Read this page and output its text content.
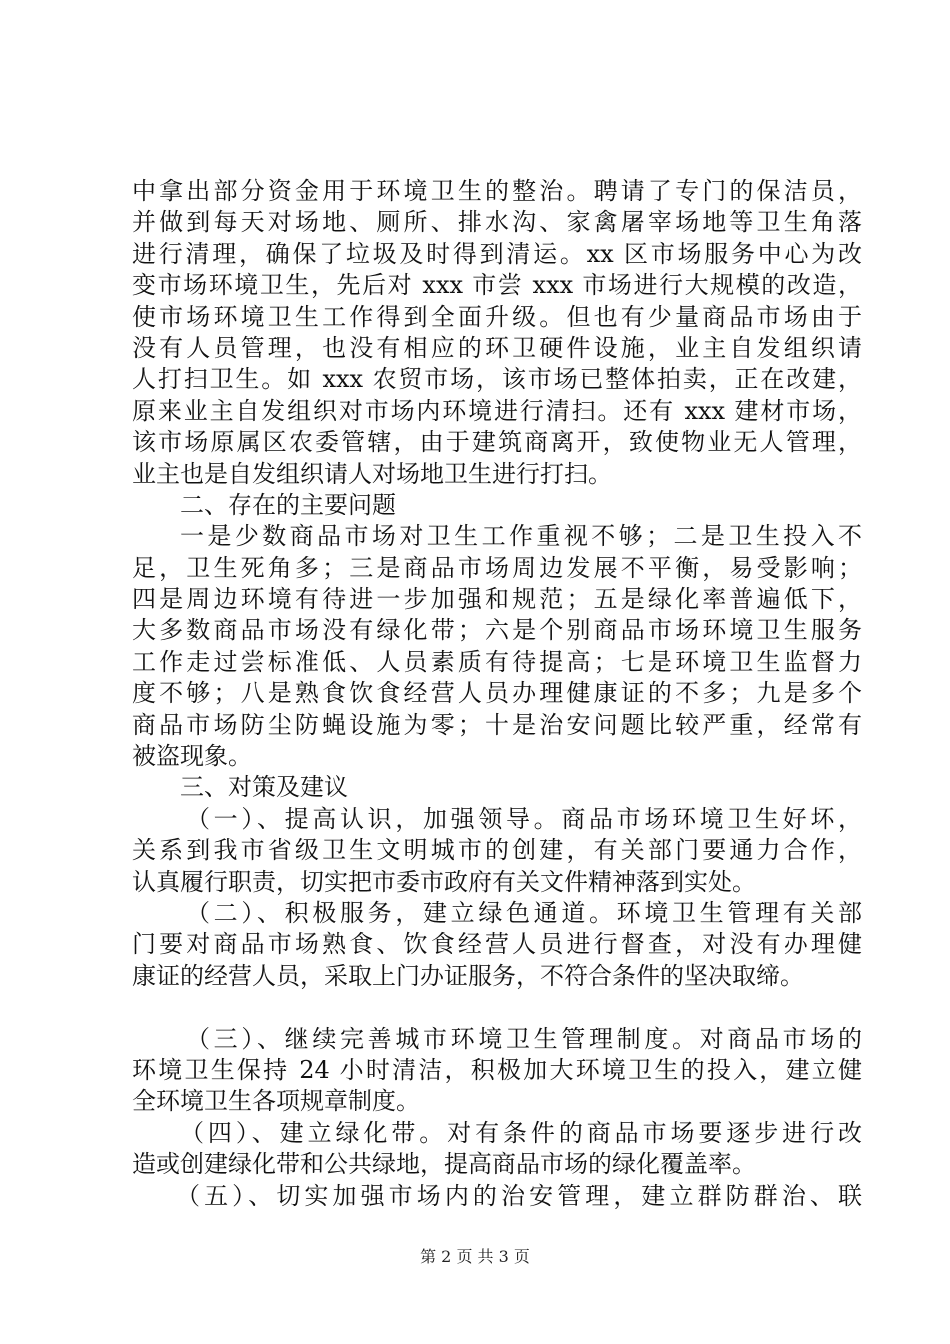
中拿出部分资金用于环境卫生的整治。聘请了专门的保洁员，
并做到每天对场地、厕所、排水沟、家禽屠宰场地等卫生角落
进行清理，确保了垃圾及时得到清运。xx 区市场服务中心为改
变市场环境卫生，先后对 xxx 市尝 xxx 市场进行大规模的改造，
使市场环境卫生工作得到全面升级。但也有少量商品市场由于
没有人员管理，也没有相应的环卫硬件设施，业主自发组织请
人打扫卫生。如 xxx 农贸市场，该市场已整体拍卖，正在改建，
原来业主自发组织对市场内环境进行清扫。还有 xxx 建材市场，
该市场原属区农委管辖，由于建筑商离开，致使物业无人管理，
业主也是自发组织请人对场地卫生进行打扫。
二、存在的主要问题
一是少数商品市场对卫生工作重视不够；二是卫生投入不
足，卫生死角多；三是商品市场周边发展不平衡，易受影响；
四是周边环境有待进一步加强和规范；五是绿化率普遍低下，
大多数商品市场没有绿化带；六是个别商品市场环境卫生服务
工作走过尝标准低、人员素质有待提高；七是环境卫生监督力
度不够；八是熟食饮食经营人员办理健康证的不多；九是多个
商品市场防尘防蝇设施为零；十是治安问题比较严重，经常有
被盗现象。
三、对策及建议
（一）、提高认识，加强领导。商品市场环境卫生好坏，
关系到我市省级卫生文明城市的创建，有关部门要通力合作，
认真履行职责，切实把市委市政府有关文件精神落到实处。
（二）、积极服务，建立绿色通道。环境卫生管理有关部
门要对商品市场熟食、饮食经营人员进行督查，对没有办理健
康证的经营人员，采取上门办证服务，不符合条件的坚决取缔。
（三）、继续完善城市环境卫生管理制度。对商品市场的
环境卫生保持 24 小时清洁，积极加大环境卫生的投入，建立健
全环境卫生各项规章制度。
（四）、建立绿化带。对有条件的商品市场要逐步进行改
造或创建绿化带和公共绿地，提高商品市场的绿化覆盖率。
（五）、切实加强市场内的治安管理，建立群防群治、联
第 2 页 共 3 页
